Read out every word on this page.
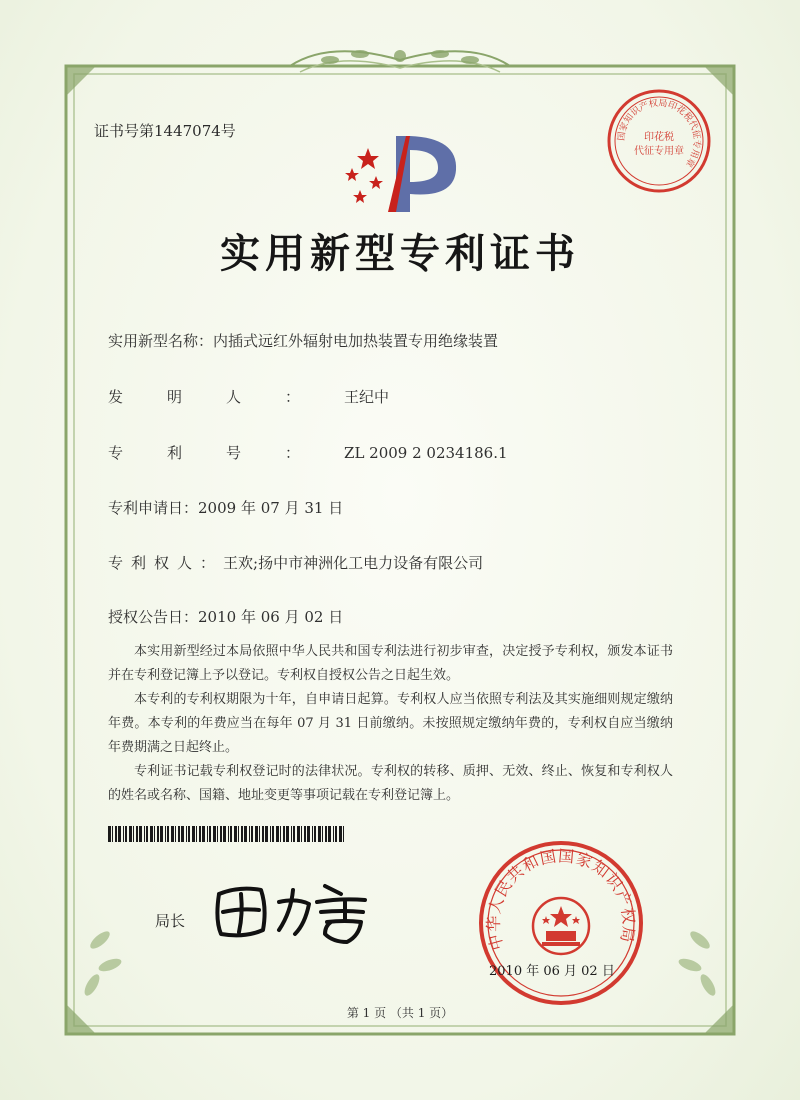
证书号第1447074号	国家知识产权局印花税代征专用章
印花税
代征专用章
实用新型专利证书
实用新型名称：内插式远红外辐射电加热装置专用绝缘装置
发明人：王纪中
专利号：ZL 2009 2 0234186.1
专利申请日：2009 年 07 月 31 日
专利权人：王欢;扬中市神洲化工电力设备有限公司
授权公告日：2010 年 06 月 02 日

本实用新型经过本局依照中华人民共和国专利法进行初步审查，决定授予专利权，颁发本证书并在专利登记簿上予以登记。专利权自授权公告之日起生效。

本专利的专利权期限为十年，自申请日起算。专利权人应当依照专利法及其实施细则规定缴纳年费。本专利的年费应当在每年 07 月 31 日前缴纳。未按照规定缴纳年费的，专利权自应当缴纳年费期满之日起终止。

专利证书记载专利权登记时的法律状况。专利权的转移、质押、无效、终止、恢复和专利权人的姓名或名称、国籍、地址变更等事项记载在专利登记簿上。

局长
中华人民共和国国家知识产权局
2010 年 06 月 02 日
第 1 页 （共 1 页）
